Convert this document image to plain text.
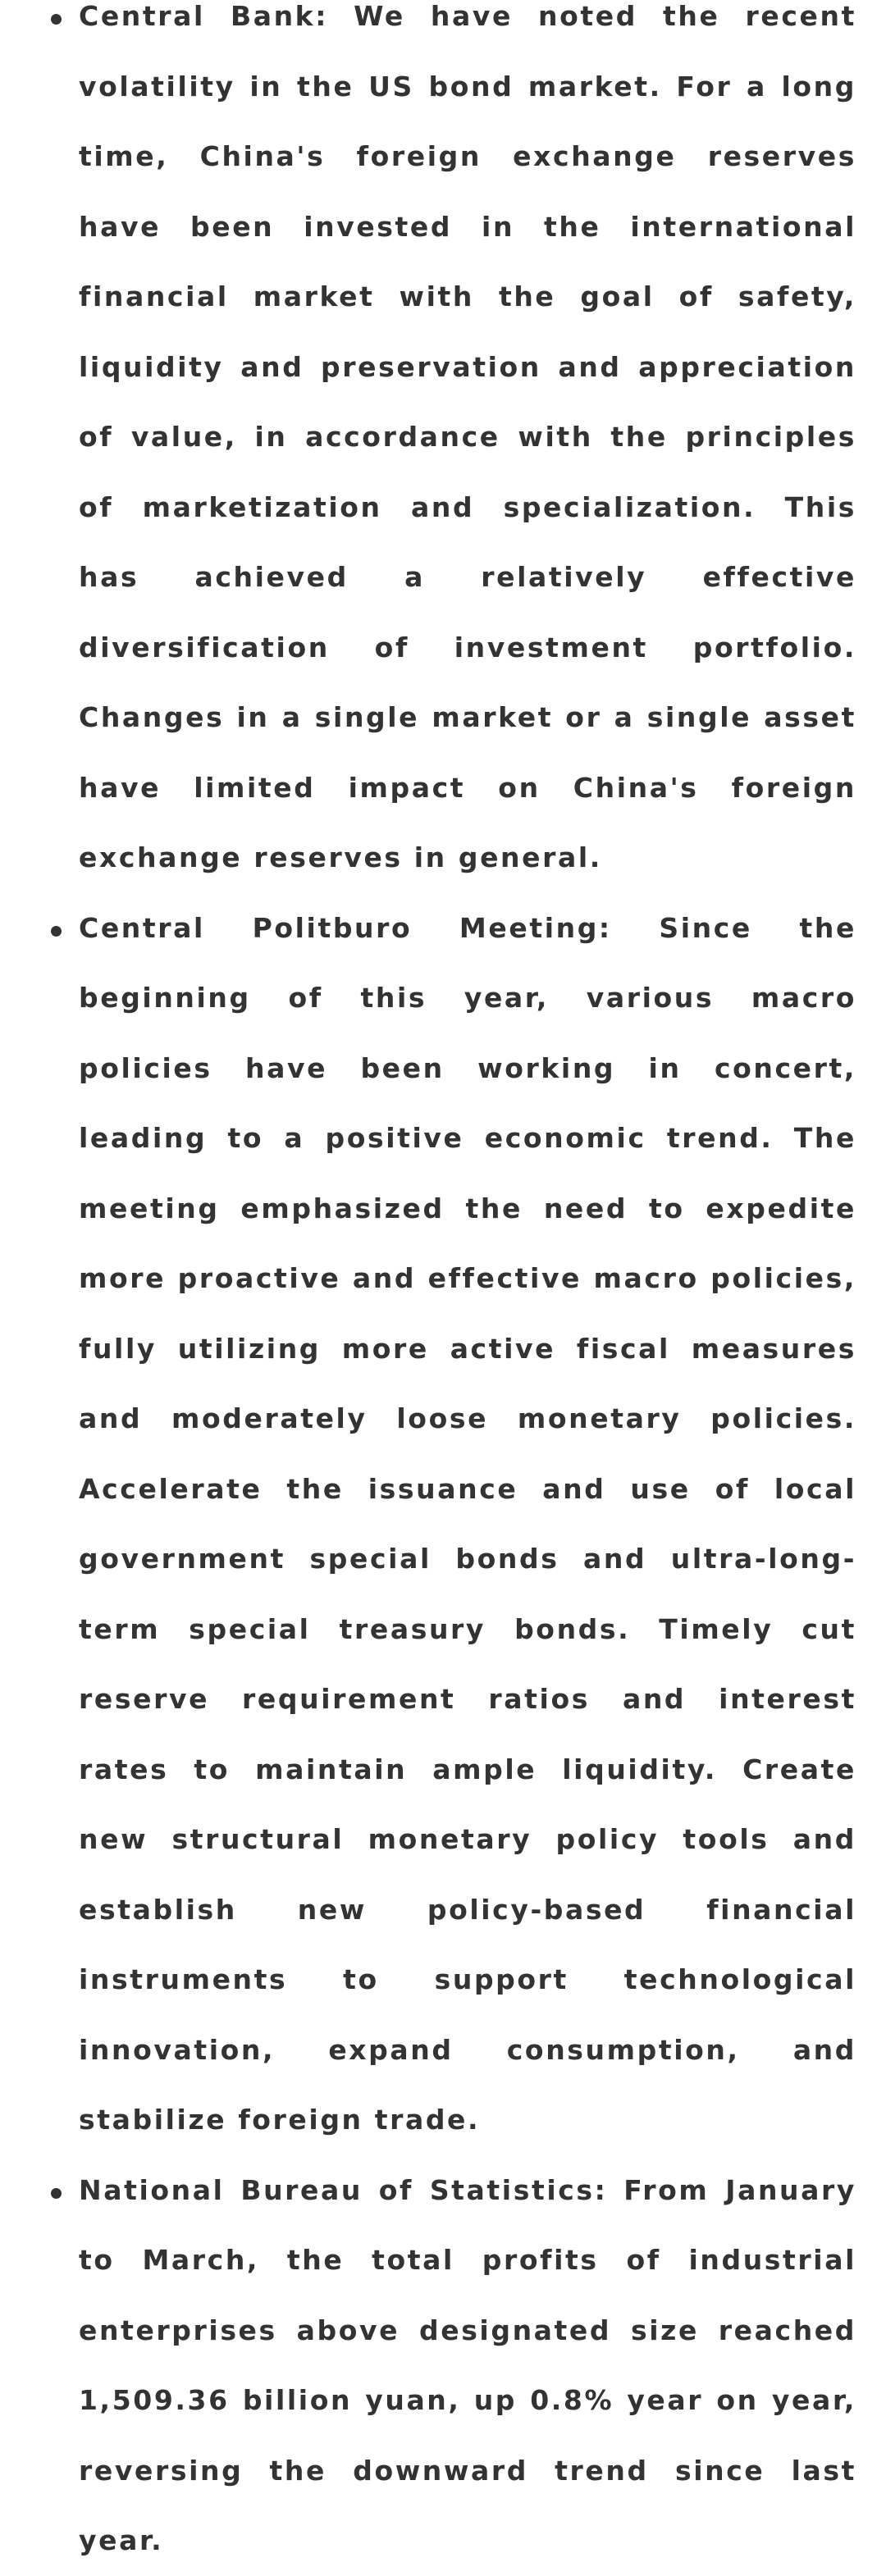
Central Bank: We have noted the recent volatility in the US bond market. For a long time, China's foreign exchange reserves have been invested in the international financial market with the goal of safety, liquidity and preservation and appreciation of value, in accordance with the principles of marketization and specialization. This has achieved a relatively effective diversification of investment portfolio. Changes in a single market or a single asset have limited impact on China's foreign exchange reserves in general.

Central Politburo Meeting: Since the beginning of this year, various macro policies have been working in concert, leading to a positive economic trend. The meeting emphasized the need to expedite more proactive and effective macro policies, fully utilizing more active fiscal measures and moderately loose monetary policies. Accelerate the issuance and use of local government special bonds and ultra-long-term special treasury bonds. Timely cut reserve requirement ratios and interest rates to maintain ample liquidity. Create new structural monetary policy tools and establish new policy-based financial instruments to support technological innovation, expand consumption, and stabilize foreign trade.

National Bureau of Statistics: From January to March, the total profits of industrial enterprises above designated size reached 1,509.36 billion yuan, up 0.8% year on year, reversing the downward trend since last year.
